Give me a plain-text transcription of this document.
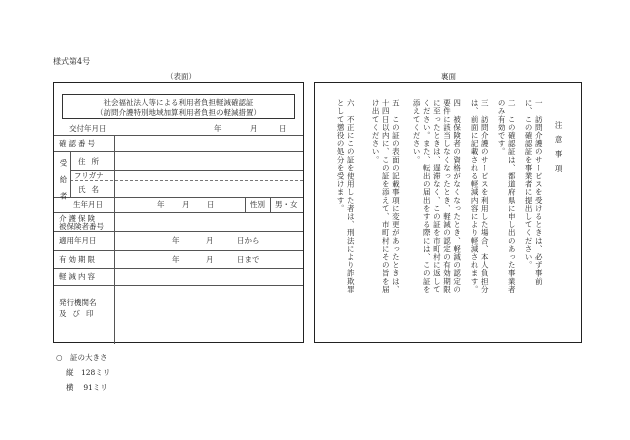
様式第4号
（表面）	裏面
社会福祉法人等による利用者負担軽減確認証
（訪問介護特別地域加算利用者負担の軽減措置）
交付年月日	年	月	日
確認番号
受給者 住所
フリガナ
氏名
生年月日	年 月 日	性別 男・女
介護保険
被保険者番号
適用年月日	年	月	日から
有効期限	年	月	日まで
軽減内容
発行機関名
及び印
○　証の大きさ
縦　128ミリ
横　 91ミリ
注意事項
一　訪問介護のサービスを受けるときは、必ず事前に、この確認証を事業者に提出してください。
二　この確認証は、都道府県に申し出のあった事業者のみ有効です。
三　訪問介護のサービスを利用した場合、本人負担分は、前面に記載される軽減内容により軽減されます。
四　被保険者の資格がなくなったとき、軽減の認定の要件に該当しなくなったとき、軽減の認定の有効期限に至ったときは、遅滞なく、この証を市町村に返してください。また、転出の届出をする際には、この証を添えてください。
五　この証の表面の記載事項に変更があったときは、十四日以内に、この証を添えて、市町村にその旨を届け出てください。
六　不正にこの証を使用した者は、刑法により詐欺罪として懲役の処分を受けます。
